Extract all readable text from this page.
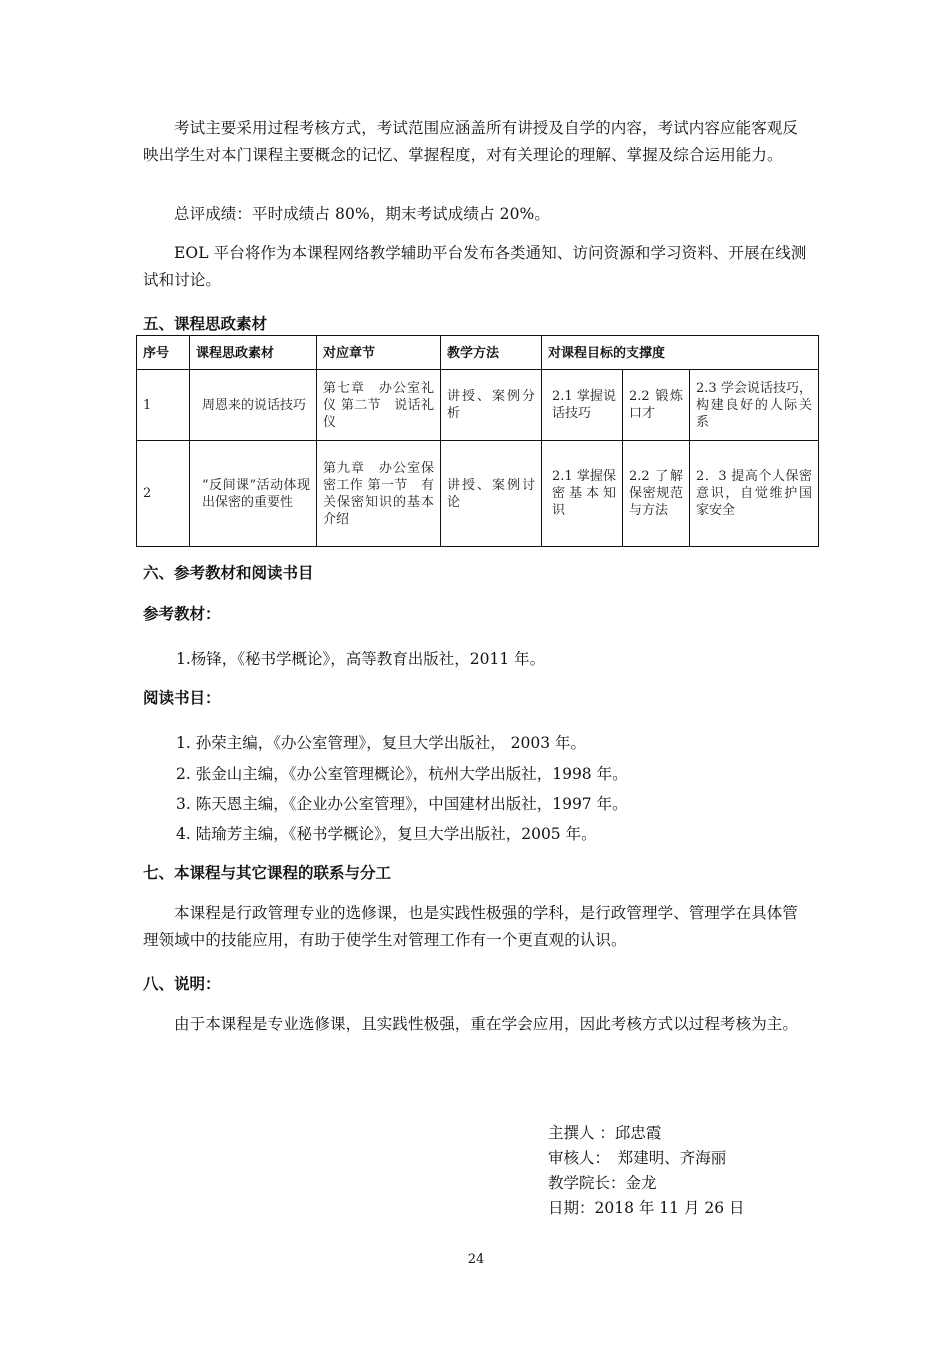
考试主要采用过程考核方式，考试范围应涵盖所有讲授及自学的内容，考试内容应能客观反映出学生对本门课程主要概念的记忆、掌握程度，对有关理论的理解、掌握及综合运用能力。

总评成绩：平时成绩占 80%，期末考试成绩占 20%。

EOL 平台将作为本课程网络教学辅助平台发布各类通知、访问资源和学习资料、开展在线测试和讨论。

五、课程思政素材

序号	课程思政素材	对应章节	教学方法	对课程目标的支撑度		
1	周恩来的说话技巧	第七章　办公室礼仪 第二节　说话礼仪	讲授、案例分析	2.1 掌握说话技巧	2.2 锻炼口才	2.3 学会说话技巧，构建良好的人际关系

2	“反间课”活动体现出保密的重要性	第九章　办公室保密工作 第一节　有关保密知识的基本介绍	讲授、案例讨论	2.1 掌握保密基本知识	2.2 了解保密规范与方法	2．3 提高个人保密意识，自觉维护国家安全

六、参考教材和阅读书目

参考教材：

1.杨锋，《秘书学概论》，高等教育出版社，2011 年。

阅读书目：

1. 孙荣主编，《办公室管理》，复旦大学出版社， 2003 年。

2. 张金山主编，《办公室管理概论》，杭州大学出版社，1998 年。

3. 陈天恩主编，《企业办公室管理》，中国建材出版社，1997 年。

4. 陆瑜芳主编，《秘书学概论》，复旦大学出版社，2005 年。

七、本课程与其它课程的联系与分工

本课程是行政管理专业的选修课，也是实践性极强的学科，是行政管理学、管理学在具体管理领域中的技能应用，有助于使学生对管理工作有一个更直观的认识。

八、说明：

由于本课程是专业选修课，且实践性极强，重在学会应用，因此考核方式以过程考核为主。

主撰人 ：邱忠霞

审核人：　郑建明、齐海丽

教学院长：金龙

日期：2018 年 11 月 26 日

24
